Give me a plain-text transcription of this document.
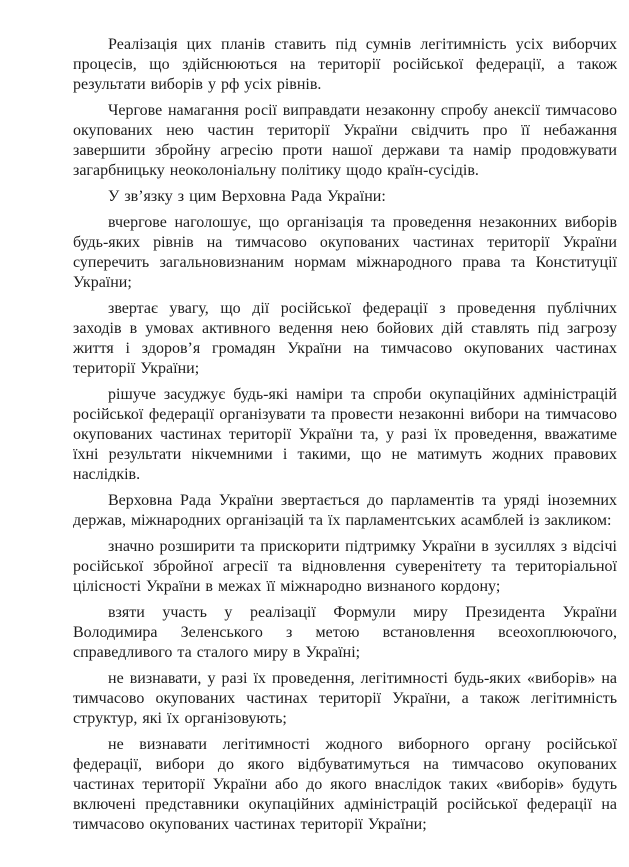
Реалізація цих планів ставить під сумнів легітимність усіх виборчих процесів, що здійснюються на території російської федерації, а також результати виборів у рф усіх рівнів.

Чергове намагання росії виправдати незаконну спробу анексії тимчасово окупованих нею частин території України свідчить про її небажання завершити збройну агресію проти нашої держави та намір продовжувати загарбницьку неоколоніальну політику щодо країн-сусідів.

У зв’язку з цим Верховна Рада України:

вчергове наголошує, що організація та проведення незаконних виборів будь-яких рівнів на тимчасово окупованих частинах території України суперечить загальновизнаним нормам міжнародного права та Конституції України;

звертає увагу, що дії російської федерації з проведення публічних заходів в умовах активного ведення нею бойових дій ставлять під загрозу життя і здоров’я громадян України на тимчасово окупованих частинах території України;

рішуче засуджує будь-які наміри та спроби окупаційних адміністрацій російської федерації організувати та провести незаконні вибори на тимчасово окупованих частинах території України та, у разі їх проведення, вважатиме їхні результати нікчемними і такими, що не матимуть жодних правових наслідків.

Верховна Рада України звертається до парламентів та уряді іноземних держав, міжнародних організацій та їх парламентських асамблей із закликом:

значно розширити та прискорити підтримку України в зусиллях з відсічі російської збройної агресії та відновлення суверенітету та територіальної цілісності України в межах її міжнародно визнаного кордону;

взяти участь у реалізації Формули миру Президента України Володимира Зеленського з метою встановлення всеохоплюючого, справедливого та сталого миру в Україні;

не визнавати, у разі їх проведення, легітимності будь-яких «виборів» на тимчасово окупованих частинах території України, а також легітимність структур, які їх організовують;

не визнавати легітимності жодного виборного органу російської федерації, вибори до якого відбуватимуться на тимчасово окупованих частинах території України або до якого внаслідок таких «виборів» будуть включені представники окупаційних адміністрацій російської федерації на тимчасово окупованих частинах території України;
